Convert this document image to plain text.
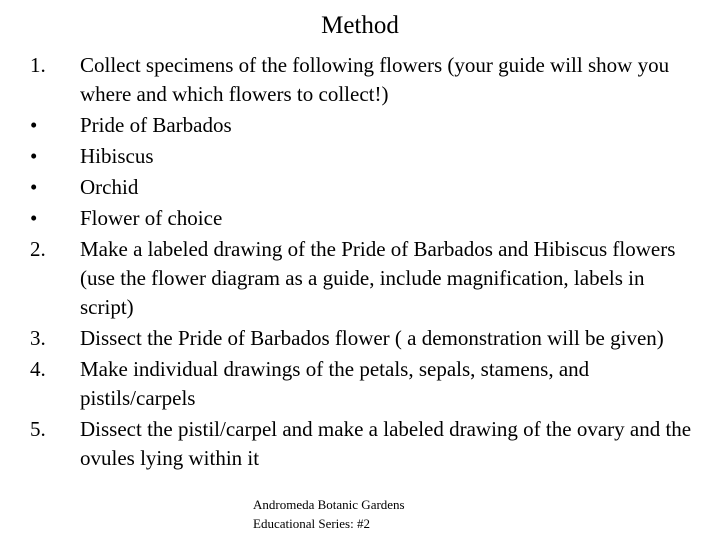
Method
1.	Collect specimens of the following flowers (your guide will show you where and which flowers to collect!)
•	Pride of Barbados
•	Hibiscus
•	Orchid
•	Flower of choice
2.	Make a labeled drawing of the Pride of Barbados and Hibiscus flowers (use the flower diagram as a guide, include magnification, labels in script)
3.	Dissect the Pride of Barbados flower ( a demonstration will be given)
4.	Make individual drawings of the petals, sepals, stamens, and pistils/carpels
5.	Dissect the pistil/carpel and make a labeled drawing of the ovary and the ovules lying within it
Andromeda Botanic Gardens
Educational Series: #2
